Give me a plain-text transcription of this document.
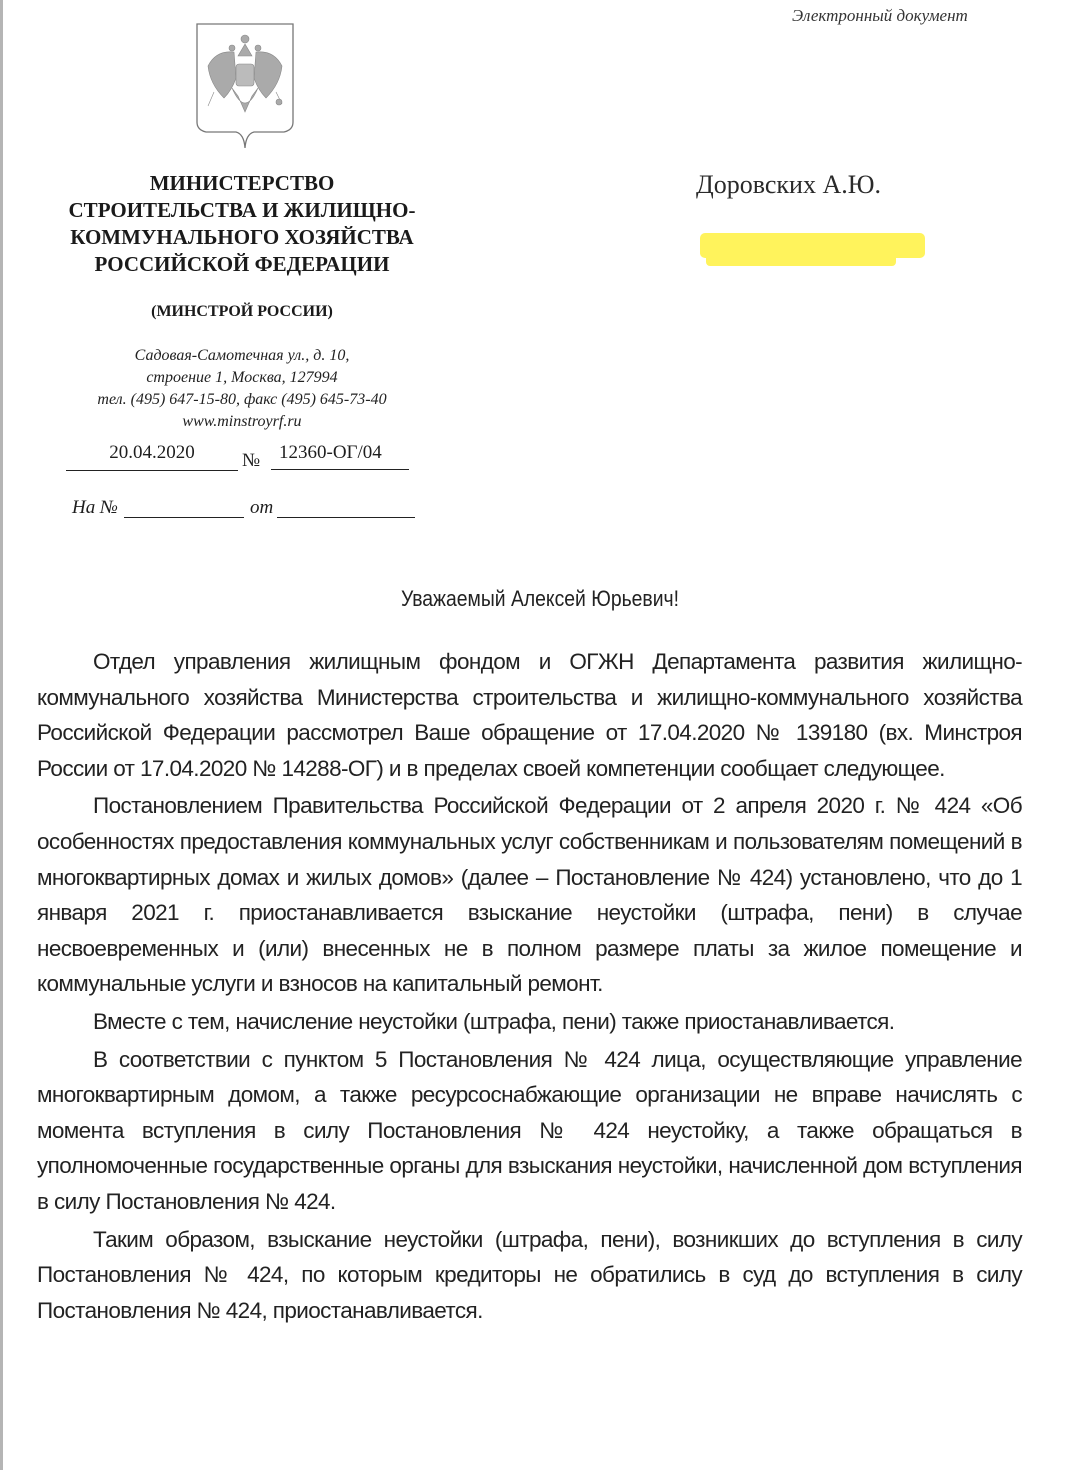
Электронный документ
МИНИСТЕРСТВО
СТРОИТЕЛЬСТВА И ЖИЛИЩНО-
КОММУНАЛЬНОГО ХОЗЯЙСТВА
РОССИЙСКОЙ ФЕДЕРАЦИИ
(МИНСТРОЙ РОССИИ)
Садовая-Самотечная ул., д. 10,
строение 1, Москва, 127994
тел. (495) 647-15-80, факс (495) 645-73-40
www.minstroyrf.ru
20.04.2020	№ 12360-ОГ/04
На №	от
Доровских А.Ю.
Уважаемый Алексей Юрьевич!

Отдел управления жилищным фондом и ОГЖН Департамента развития жилищно-коммунального хозяйства Министерства строительства и жилищно-коммунального хозяйства Российской Федерации рассмотрел Ваше обращение от 17.04.2020 № 139180 (вх. Минстроя России от 17.04.2020 № 14288-ОГ) и в пределах своей компетенции сообщает следующее.

Постановлением Правительства Российской Федерации от 2 апреля 2020 г. № 424 «Об особенностях предоставления коммунальных услуг собственникам и пользователям помещений в многоквартирных домах и жилых домов» (далее – Постановление № 424) установлено, что до 1 января 2021 г. приостанавливается взыскание неустойки (штрафа, пени) в случае несвоевременных и (или) внесенных не в полном размере платы за жилое помещение и коммунальные услуги и взносов на капитальный ремонт.

Вместе с тем, начисление неустойки (штрафа, пени) также приостанавливается.

В соответствии с пунктом 5 Постановления № 424 лица, осуществляющие управление многоквартирным домом, а также ресурсоснабжающие организации не вправе начислять с момента вступления в силу Постановления № 424 неустойку, а также обращаться в уполномоченные государственные органы для взыскания неустойки, начисленной дом вступления в силу Постановления № 424.

Таким образом, взыскание неустойки (штрафа, пени), возникших до вступления в силу Постановления № 424, по которым кредиторы не обратились в суд до вступления в силу Постановления № 424, приостанавливается.
